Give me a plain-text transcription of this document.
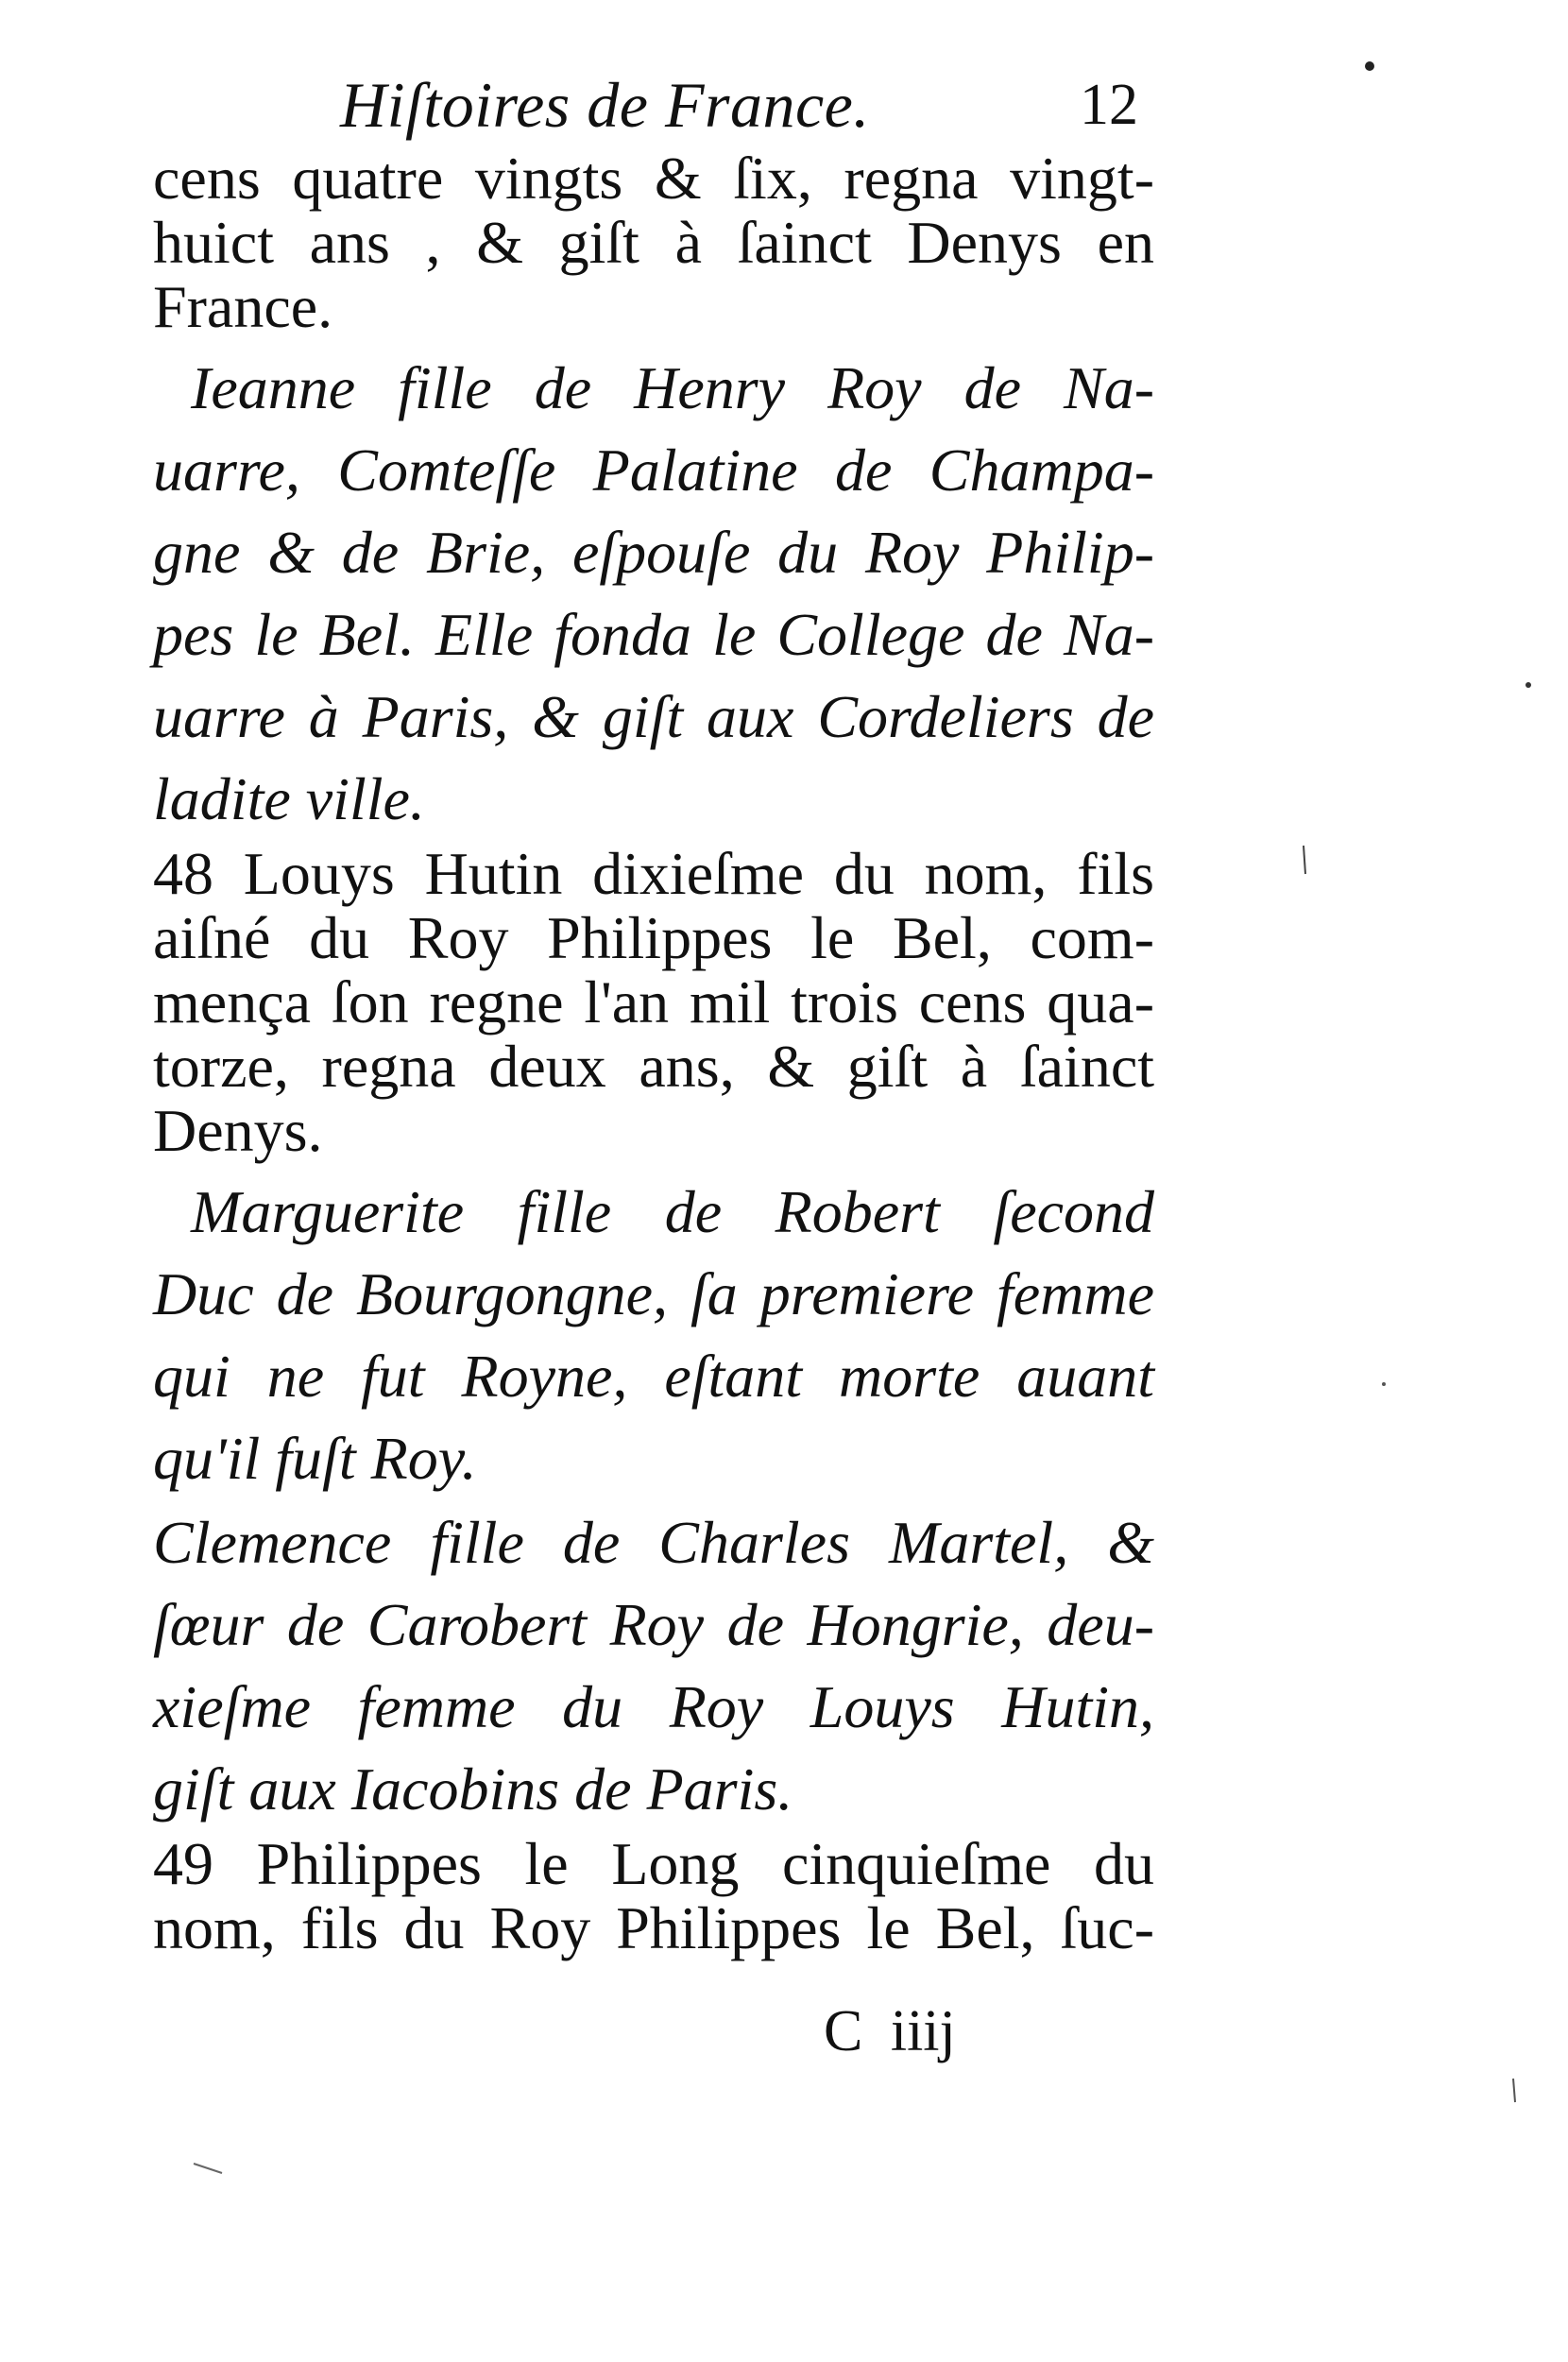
Hiſtoires de France.	12
cens quatre vingts & ſix, regna vingt-
huict ans , & giſt à ſainct Denys en
France.
Ieanne fille de Henry Roy de Na-
uarre, Comteſſe Palatine de Champa-
gne & de Brie, eſpouſe du Roy Philip-
pes le Bel. Elle fonda le College de Na-
uarre à Paris, & giſt aux Cordeliers de
ladite ville.
48 Louys Hutin dixieſme du nom, fils
aiſné du Roy Philippes le Bel, com-
mença ſon regne l'an mil trois cens qua-
torze, regna deux ans, & giſt à ſainct
Denys.
Marguerite fille de Robert ſecond
Duc de Bourgongne, ſa premiere femme
qui ne fut Royne, eſtant morte auant
qu'il fuſt Roy.
Clemence fille de Charles Martel, &
ſœur de Carobert Roy de Hongrie, deu-
xieſme femme du Roy Louys Hutin,
giſt aux Iacobins de Paris.
49 Philippes le Long cinquieſme du
nom, fils du Roy Philippes le Bel, ſuc-
C iiij
